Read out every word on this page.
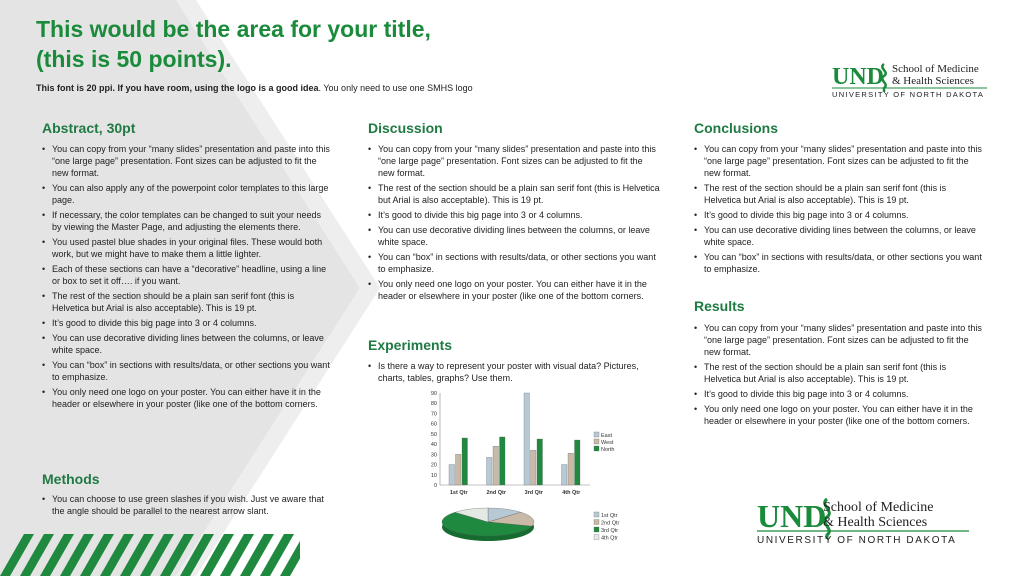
This would be the area for your title,
(this is 50 points).
This font is 20 ppi. If you have room, using the logo is a good idea. You only need to use one SMHS logo	UND School of Medicine
& Health Sciences
UNIVERSITY OF NORTH DAKOTA
Abstract, 30pt
• You can copy from your “many slides” presentation and paste into this “one large page” presentation. Font sizes can be adjusted to fit the new format.
• You can also apply any of the powerpoint color templates to this large page.
• If necessary, the color templates can be changed to suit your needs by viewing the Master Page, and adjusting the elements there.
• You used pastel blue shades in your original files. These would both work, but we might have to make them a little lighter.
• Each of these sections can have a “decorative” headline, using a line or box to set it off…. if you want.
• The rest of the section should be a plain san serif font (this is Helvetica but Arial is also acceptable). This is 19 pt.
• It’s good to divide this big page into 3 or 4 columns.
• You can use decorative dividing lines between the columns, or leave white space.
• You can “box” in sections with results/data, or other sections you want to emphasize.
• You only need one logo on your poster. You can either have it in the header or elsewhere in your poster (like one of the bottom corners.
Methods
• You can choose to use green slashes if you wish. Just ve aware that the angle should be parallel to the nearest arrow slant.
Discussion
• You can copy from your “many slides” presentation and paste into this “one large page” presentation. Font sizes can be adjusted to fit the new format.
• The rest of the section should be a plain san serif font (this is Helvetica but Arial is also acceptable). This is 19 pt.
• It’s good to divide this big page into 3 or 4 columns.
• You can use decorative dividing lines between the columns, or leave white space.
• You can “box” in sections with results/data, or other sections you want to emphasize.
• You only need one logo on your poster. You can either have it in the header or elsewhere in your poster (like one of the bottom corners.
Experiments
• Is there a way to represent your poster with visual data? Pictures, charts, tables, graphs? Use them.
0
10
20
30
40
50
60
70
80
90
1st Qtr	2nd Qtr	3rd Qtr	4th Qtr
East
West
North
1st Qtr
2nd Qtr
3rd Qtr
4th Qtr
Conclusions
• You can copy from your “many slides” presentation and paste into this “one large page” presentation. Font sizes can be adjusted to fit the new format.
• The rest of the section should be a plain san serif font (this is Helvetica but Arial is also acceptable). This is 19 pt.
• It’s good to divide this big page into 3 or 4 columns.
• You can use decorative dividing lines between the columns, or leave white space.
• You can “box” in sections with results/data, or other sections you want to emphasize.
Results
• You can copy from your “many slides” presentation and paste into this “one large page” presentation. Font sizes can be adjusted to fit the new format.
• The rest of the section should be a plain san serif font (this is Helvetica but Arial is also acceptable). This is 19 pt.
• It’s good to divide this big page into 3 or 4 columns.
• You only need one logo on your poster. You can either have it in the header or elsewhere in your poster (like one of the bottom corners.
UND
School of Medicine
& Health Sciences
UNIVERSITY OF NORTH DAKOTA
